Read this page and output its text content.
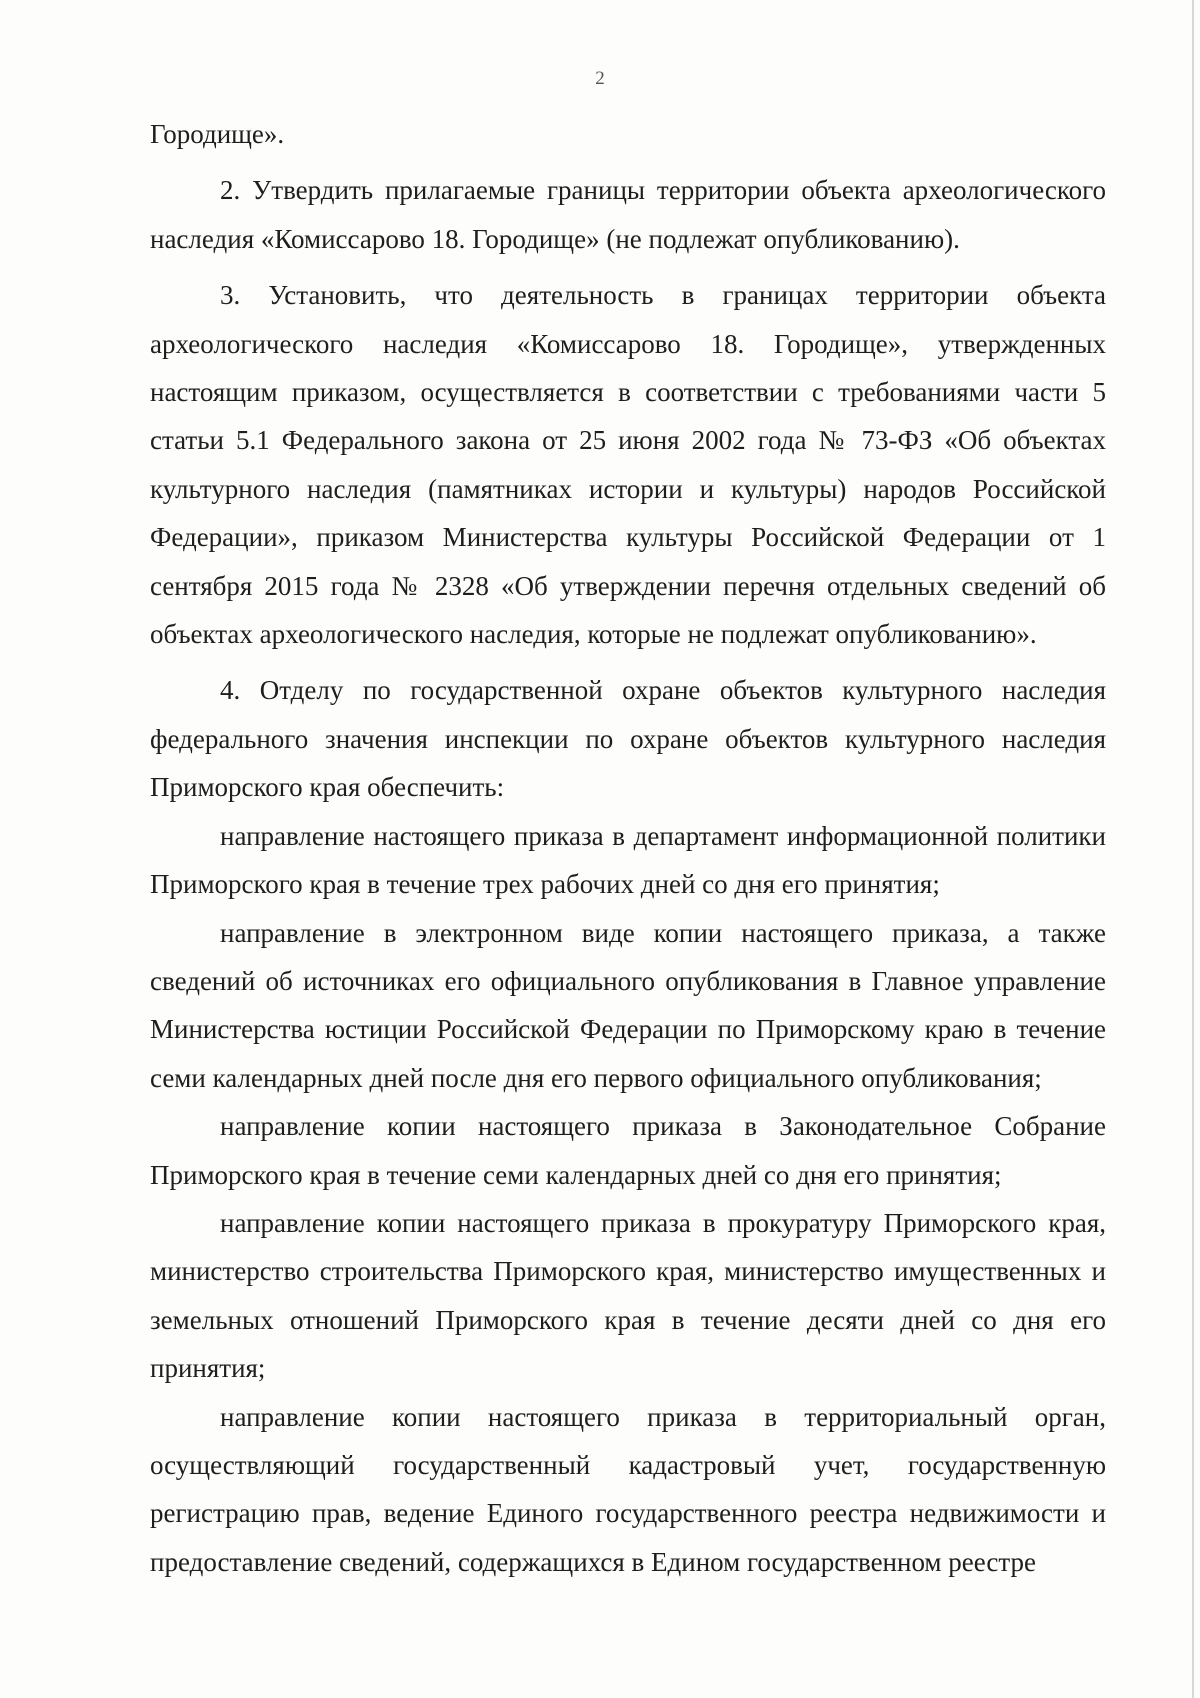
2

Городище».

2. Утвердить прилагаемые границы территории объекта археологического наследия «Комиссарово 18. Городище» (не подлежат опубликованию).

3. Установить, что деятельность в границах территории объекта археологического наследия «Комиссарово 18. Городище», утвержденных настоящим приказом, осуществляется в соответствии с требованиями части 5 статьи 5.1 Федерального закона от 25 июня 2002 года № 73-ФЗ «Об объектах культурного наследия (памятниках истории и культуры) народов Российской Федерации», приказом Министерства культуры Российской Федерации от 1 сентября 2015 года № 2328 «Об утверждении перечня отдельных сведений об объектах археологического наследия, которые не подлежат опубликованию».

4. Отделу по государственной охране объектов культурного наследия федерального значения инспекции по охране объектов культурного наследия Приморского края обеспечить:

направление настоящего приказа в департамент информационной политики Приморского края в течение трех рабочих дней со дня его принятия;

направление в электронном виде копии настоящего приказа, а также сведений об источниках его официального опубликования в Главное управление Министерства юстиции Российской Федерации по Приморскому краю в течение семи календарных дней после дня его первого официального опубликования;

направление копии настоящего приказа в Законодательное Собрание Приморского края в течение семи календарных дней со дня его принятия;

направление копии настоящего приказа в прокуратуру Приморского края, министерство строительства Приморского края, министерство имущественных и земельных отношений Приморского края в течение десяти дней со дня его принятия;

направление копии настоящего приказа в территориальный орган, осуществляющий государственный кадастровый учет, государственную регистрацию прав, ведение Единого государственного реестра недвижимости и предоставление сведений, содержащихся в Едином государственном реестре
